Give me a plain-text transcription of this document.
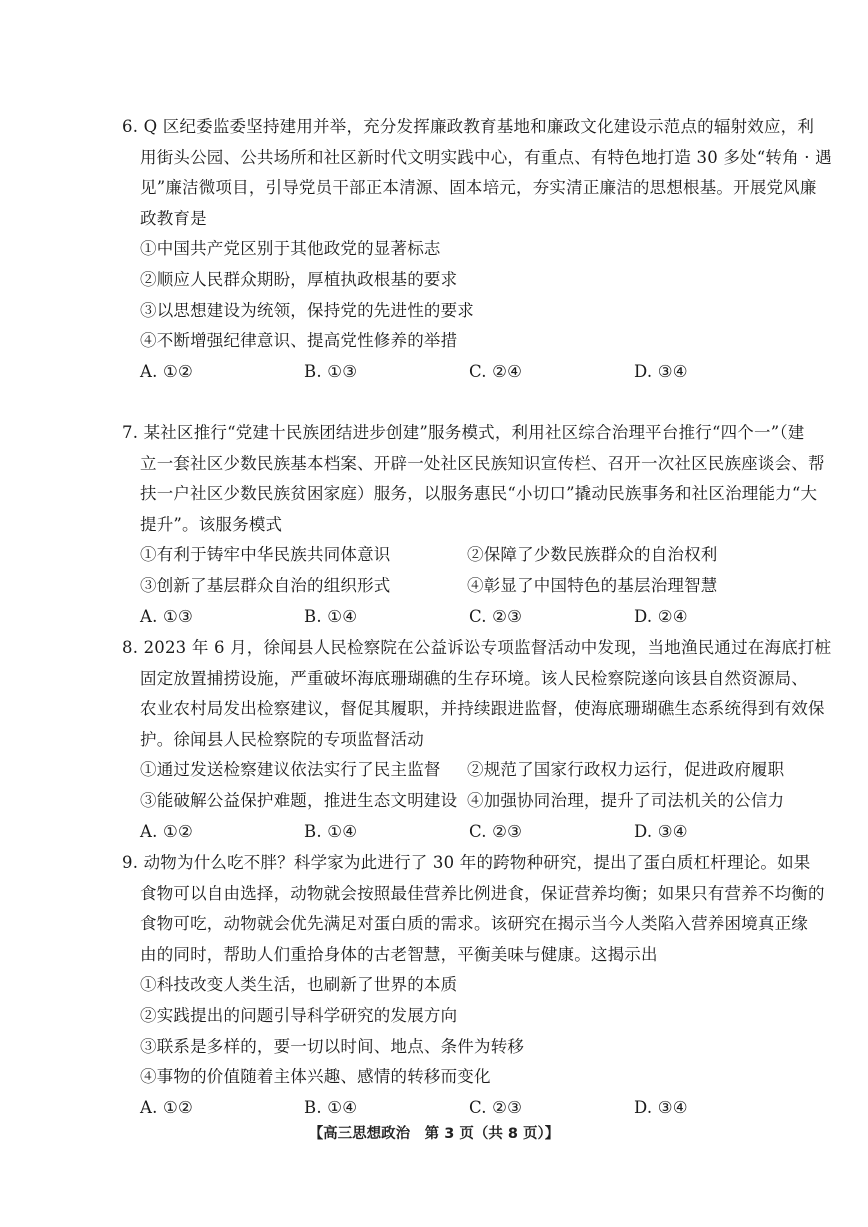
6. Q 区纪委监委坚持建用并举，充分发挥廉政教育基地和廉政文化建设示范点的辐射效应，利
用街头公园、公共场所和社区新时代文明实践中心，有重点、有特色地打造 30 多处“转角 · 遇
见”廉洁微项目，引导党员干部正本清源、固本培元，夯实清正廉洁的思想根基。开展党风廉
政教育是
①中国共产党区别于其他政党的显著标志
②顺应人民群众期盼，厚植执政根基的要求
③以思想建设为统领，保持党的先进性的要求
④不断增强纪律意识、提高党性修养的举措
A. ①②	B. ①③	C. ②④	D. ③④
7. 某社区推行“党建十民族团结进步创建”服务模式，利用社区综合治理平台推行“四个一”（建
立一套社区少数民族基本档案、开辟一处社区民族知识宣传栏、召开一次社区民族座谈会、帮
扶一户社区少数民族贫困家庭）服务，以服务惠民“小切口”撬动民族事务和社区治理能力“大
提升”。该服务模式
①有利于铸牢中华民族共同体意识	②保障了少数民族群众的自治权利
③创新了基层群众自治的组织形式	④彰显了中国特色的基层治理智慧
A. ①③	B. ①④	C. ②③	D. ②④
8. 2023 年 6 月，徐闻县人民检察院在公益诉讼专项监督活动中发现，当地渔民通过在海底打桩
固定放置捕捞设施，严重破坏海底珊瑚礁的生存环境。该人民检察院遂向该县自然资源局、
农业农村局发出检察建议，督促其履职，并持续跟进监督，使海底珊瑚礁生态系统得到有效保
护。徐闻县人民检察院的专项监督活动
①通过发送检察建议依法实行了民主监督 ②规范了国家行政权力运行，促进政府履职
③能破解公益保护难题，推进生态文明建设 ④加强协同治理，提升了司法机关的公信力
A. ①②	B. ①④	C. ②③	D. ③④
9. 动物为什么吃不胖？科学家为此进行了 30 年的跨物种研究，提出了蛋白质杠杆理论。如果
食物可以自由选择，动物就会按照最佳营养比例进食，保证营养均衡；如果只有营养不均衡的
食物可吃，动物就会优先满足对蛋白质的需求。该研究在揭示当今人类陷入营养困境真正缘
由的同时，帮助人们重拾身体的古老智慧，平衡美味与健康。这揭示出
①科技改变人类生活，也刷新了世界的本质
②实践提出的问题引导科学研究的发展方向
③联系是多样的，要一切以时间、地点、条件为转移
④事物的价值随着主体兴趣、感情的转移而变化
A. ①②	B. ①④	C. ②③	D. ③④
【高三思想政治　第 3 页（共 8 页）】
